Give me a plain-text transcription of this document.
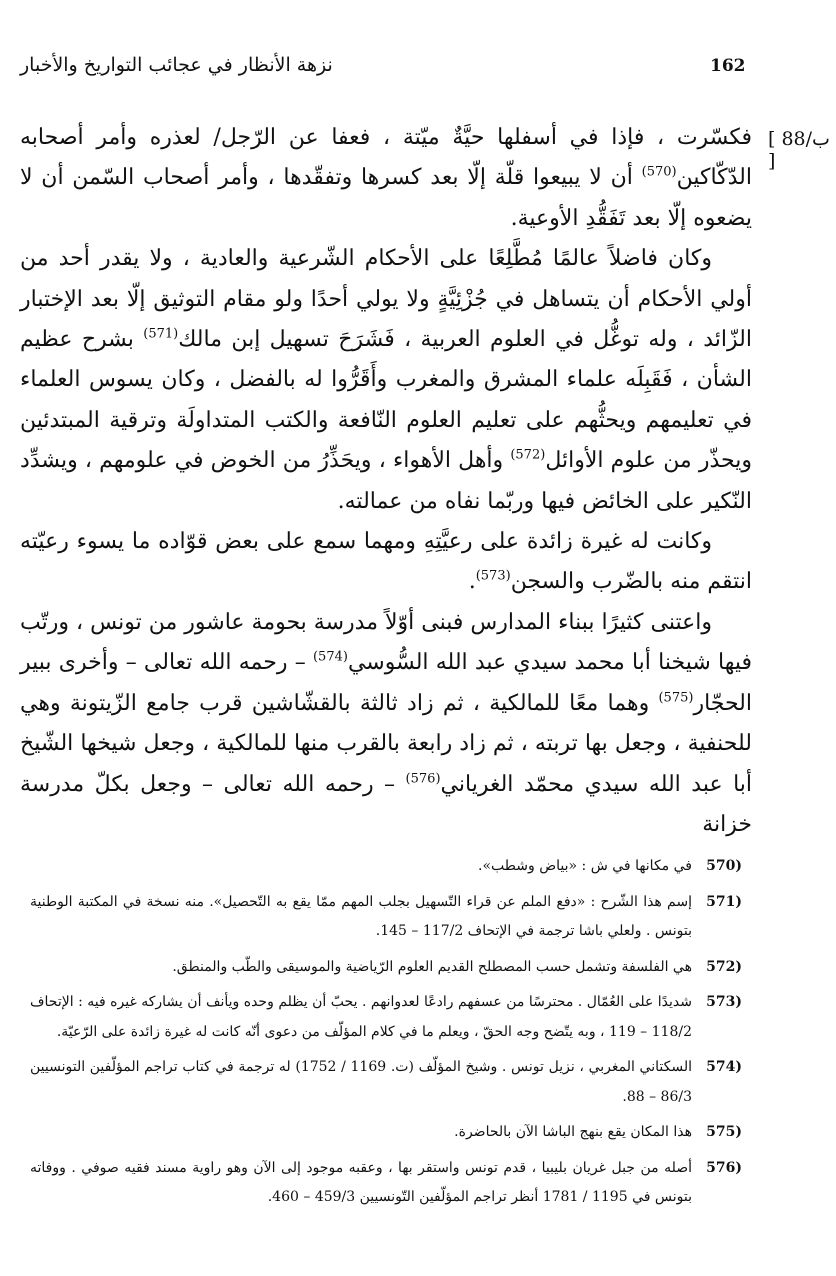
نزهة الأنظار في عجائب التواريخ والأخبار	162
[ 88/ب ]

فكسّرت ، فإذا في أسفلها حيَّةٌ ميّتة ، فعفا عن الرّجل/ لعذره وأمر أصحابه الدّكّاكين$^{(570)}$ أن لا يبيعوا قلّة إلّا بعد كسرها وتفقّدها ، وأمر أصحاب السّمن أن لا يضعوه إلّا بعد تَفَقُّدِ الأوعية.

وكان فاضلاً عالمًا مُطَّلِعًا على الأحكام الشّرعية والعادية ، ولا يقدر أحد من أولي الأحكام أن يتساهل في جُزْئِيَّةٍ ولا يولي أحدًا ولو مقام التوثيق إلّا بعد الإختبار الزّائد ، وله توغُّل في العلوم العربية ، فَشَرَحَ تسهيل إبن مالك$^{(571)}$ بشرح عظيم الشأن ، فَقَبِلَه علماء المشرق والمغرب وأَقَرُّوا له بالفضل ، وكان يسوس العلماء في تعليمهم ويحثُّهم على تعليم العلوم النّافعة والكتب المتداولَة وترقية المبتدئين ويحذّر من علوم الأوائل$^{(572)}$ وأهل الأهواء ، ويحَذِّرُ من الخوض في علومهم ، ويشدِّد النّكير على الخائض فيها وربّما نفاه من عمالته.

وكانت له غيرة زائدة على رعيَّتِهِ ومهما سمع على بعض قوّاده ما يسوء رعيّته انتقم منه بالضّرب والسجن$^{(573)}$.

واعتنى كثيرًا ببناء المدارس فبنى أوّلاً مدرسة بحومة عاشور من تونس ، ورتّب فيها شيخنا أبا محمد سيدي عبد الله السُّوسي$^{(574)}$ – رحمه الله تعالى – وأخرى ببير الحجّار$^{(575)}$ وهما معًا للمالكية ، ثم زاد ثالثة بالقشّاشين قرب جامع الزّيتونة وهي للحنفية ، وجعل بها تربته ، ثم زاد رابعة بالقرب منها للمالكية ، وجعل شيخها الشّيخ أبا عبد الله سيدي محمّد الغرياني$^{(576)}$ – رحمه الله تعالى – وجعل بكلّ مدرسة خزانة

570)
في مكانها في ش : «بياض وشطب».
571)
إسم هذا الشّرح : «دفع الملم عن قراء التّسهيل بجلب المهم ممّا يقع به التّحصيل». منه نسخة في المكتبة الوطنية بتونس . ولعلي باشا ترجمة في الإتحاف 117/2 – 145.
572)
هي الفلسفة وتشمل حسب المصطلح القديم العلوم الرّياضية والموسيقى والطّب والمنطق.
573)
شديدًا على العُمّال . محترسًا من عسفهم رادعًا لعدوانهم . يحبّ أن يظلم وحده ويأنف أن يشاركه غيره فيه : الإتحاف 118/2 – 119 ، وبه يتّضح وجه الحقّ ، ويعلم ما في كلام المؤلّف من دعوى أنّه كانت له غيرة زائدة على الرّعيّة.
574)
السكتاني المغربي ، نزيل تونس . وشيخ المؤلّف (ت. 1169 / 1752) له ترجمة في كتاب تراجم المؤلّفين التونسيين 86/3 – 88.
575)
هذا المكان يقع بنهج الباشا الآن بالحاضرة.
576)
أصله من جبل غريان بليبيا ، قدم تونس واستقر بها ، وعقبه موجود إلى الآن وهو راوية مسند فقيه صوفي . ووفاته بتونس في 1195 / 1781 أنظر تراجم المؤلّفين التّونسيين 459/3 – 460.
